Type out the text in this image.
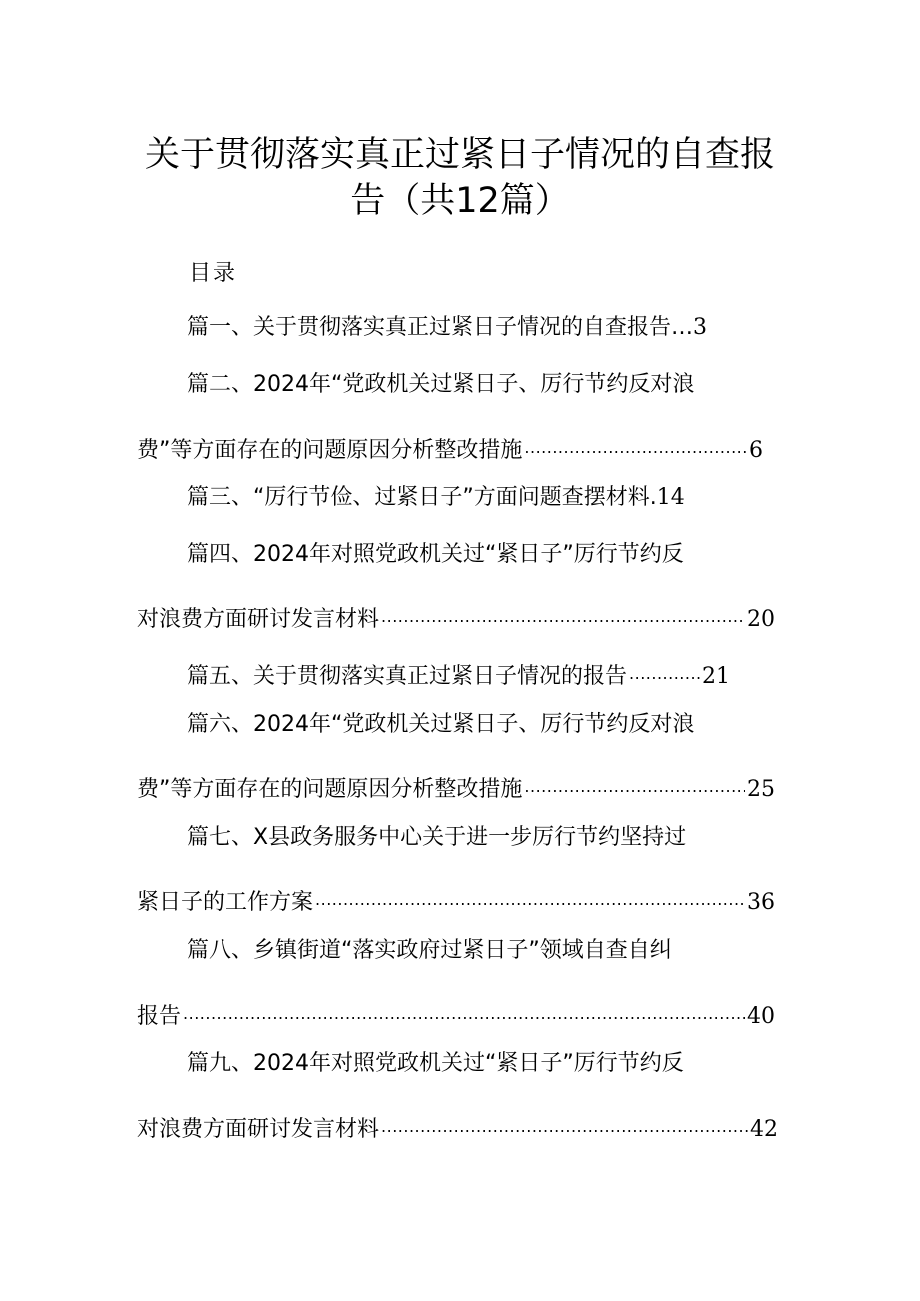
关于贯彻落实真正过紧日子情况的自查报
告（共12篇）
目录
篇一、关于贯彻落实真正过紧日子情况的自查报告 … 3
篇二、2024年“党政机关过紧日子、厉行节约反对浪
费”等方面存在的问题原因分析整改措施 .....	6
篇三、“厉行节俭、过紧日子”方面问题查摆材料. 14
篇四、2024年对照党政机关过“紧日子”厉行节约反
对浪费方面研讨发言材料 .....	20
篇五、关于贯彻落实真正过紧日子情况的报告 .....	21
篇六、2024年“党政机关过紧日子、厉行节约反对浪
费”等方面存在的问题原因分析整改措施 .....	25
篇七、X县政务服务中心关于进一步厉行节约坚持过
紧日子的工作方案 .....	36
篇八、乡镇街道“落实政府过紧日子”领域自查自纠
报告 .....	40
篇九、2024年对照党政机关过“紧日子”厉行节约反
对浪费方面研讨发言材料 .....	42
